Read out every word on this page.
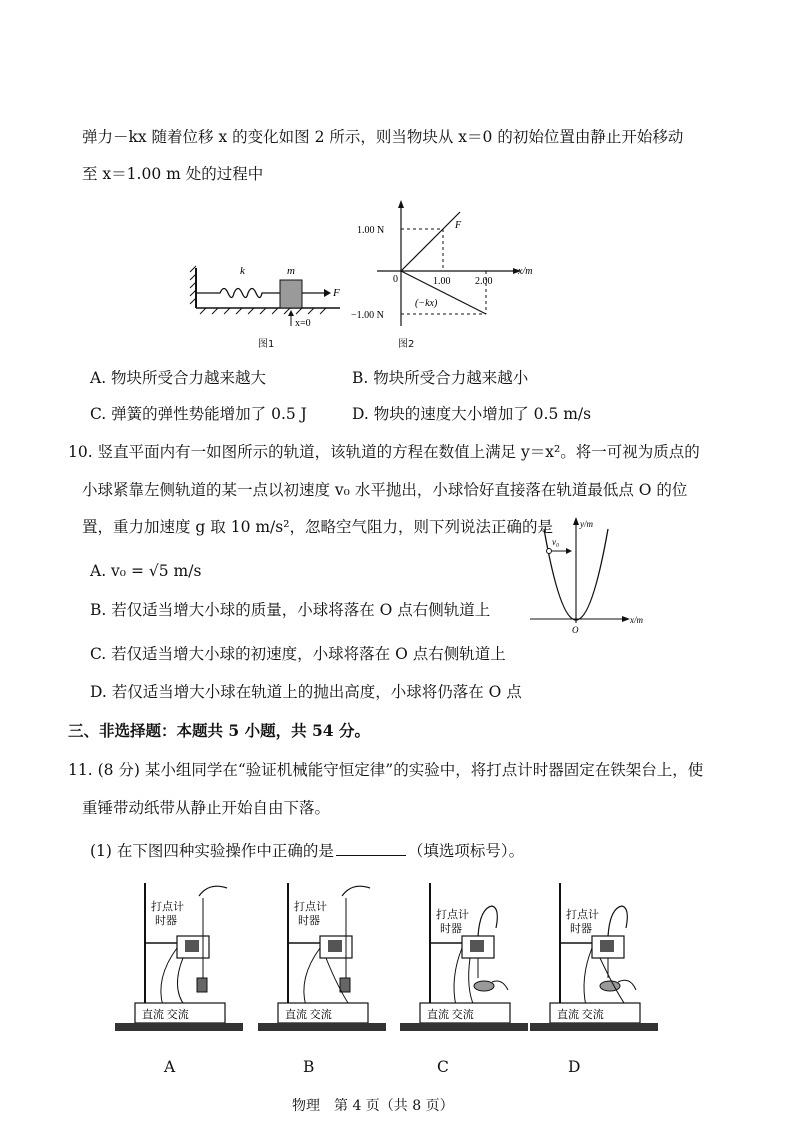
弹力－kx 随着位移 x 的变化如图 2 所示，则当物块从 x＝0 的初始位置由静止开始移动
至 x＝1.00 m 处的过程中
k	m
F
x=0
图1
1.00 N
−1.00 N
1.00 2.00
x/m
0
F
(−kx)
图2
A. 物块所受合力越来越大	B. 物块所受合力越来越小
C. 弹簧的弹性势能增加了 0.5 J	D. 物块的速度大小增加了 0.5 m/s
10. 竖直平面内有一如图所示的轨道，该轨道的方程在数值上满足 y＝x²。将一可视为质点的
小球紧靠左侧轨道的某一点以初速度 v₀ 水平抛出，小球恰好直接落在轨道最低点 O 的位
置，重力加速度 g 取 10 m/s²，忽略空气阻力，则下列说法正确的是
A. v₀ = √5 m/s
B. 若仅适当增大小球的质量，小球将落在 O 点右侧轨道上
C. 若仅适当增大小球的初速度，小球将落在 O 点右侧轨道上
D. 若仅适当增大小球在轨道上的抛出高度，小球将仍落在 O 点
v₀
y/m
x/m
O
三、非选择题：本题共 5 小题，共 54 分。
11. (8 分) 某小组同学在“验证机械能守恒定律”的实验中，将打点计时器固定在铁架台上，使
重锤带动纸带从静止开始自由下落。
(1) 在下图四种实验操作中正确的是	（填选项标号）。
打点计
时器
直流 交流
A
打点计
时器
直流 交流
B
打点计
时器
直流 交流
C
打点计
时器
直流 交流
D
物理　第 4 页（共 8 页）
